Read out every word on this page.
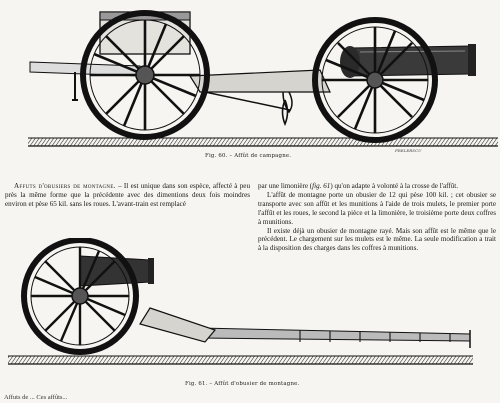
Fig. 60. – Affût de campagne.
FRELERSCU

Affuts d'obusiers de montagne. – Il est unique dans son espèce, affecté à peu près la même forme que la précédente avec des dimentions deux fois moindres environ et pèse 65 kil. sans les roues. L'avant-train est remplacé

par une limonière (fig. 61) qu'on adapte à volonté à la crosse de l'affût.

L'affût de montagne porte un obusier de 12 qui pèse 100 kil. ; cet obusier se transporte avec son affût et les munitions à l'aide de trois mulets, le premier porte l'affût et les roues, le second la pièce et la limonière, le troisième porte deux coffres à munitions.

Il existe déjà un obusier de montagne rayé. Mais son affût est le même que le précédent. Le chargement sur les mulets est le même. La seule modification a trait à la disposition des charges dans les coffres à munitions.

Fig. 61. – Affût d'obusier de montagne.
Affuts de ... Ces affûts...
